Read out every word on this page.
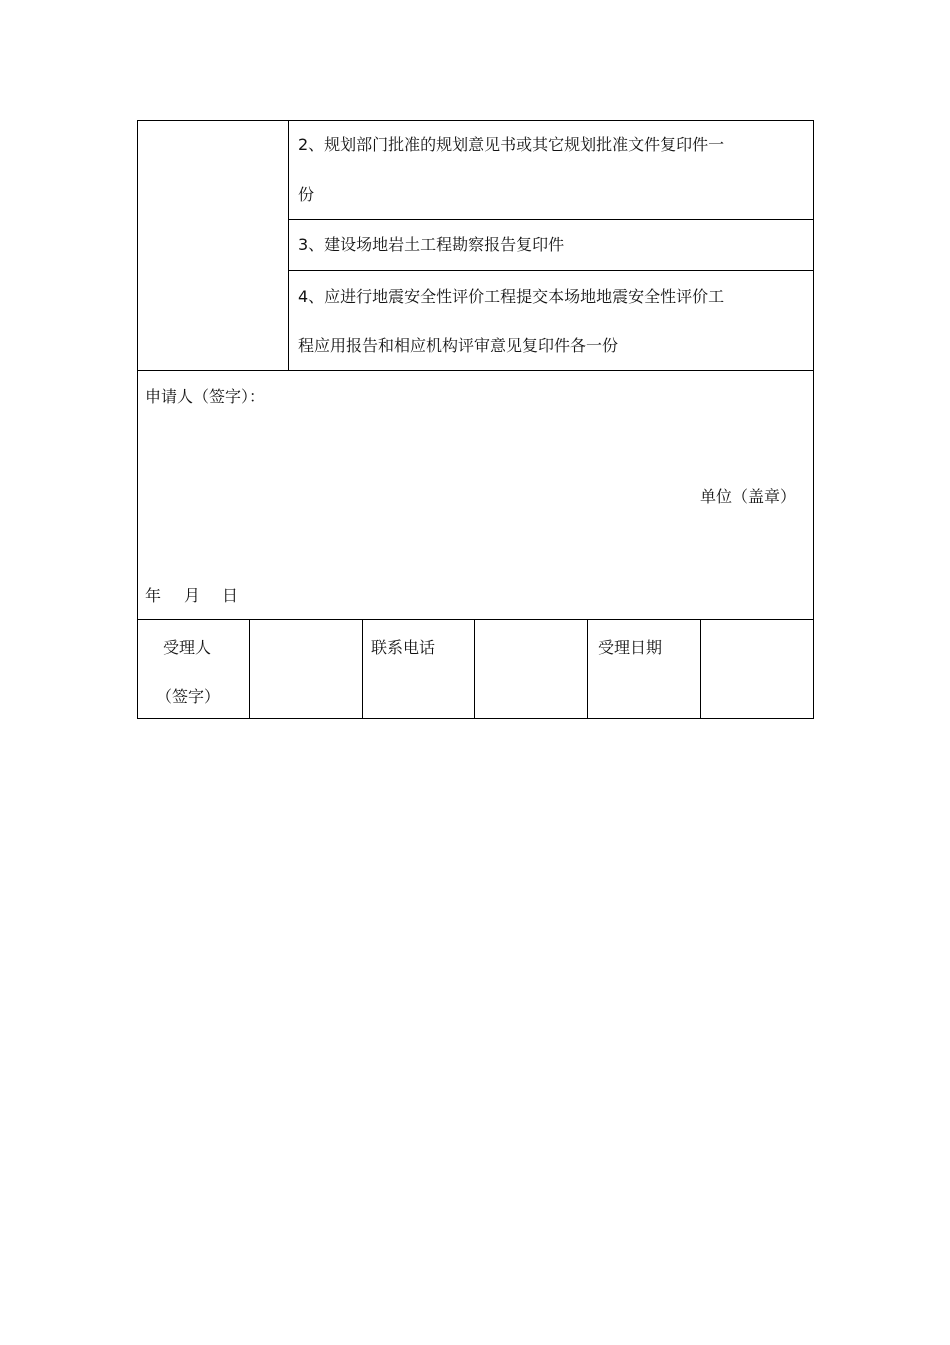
2、规划部门批准的规划意见书或其它规划批准文件复印件一
份
3、建设场地岩土工程勘察报告复印件
4、应进行地震安全性评价工程提交本场地地震安全性评价工
程应用报告和相应机构评审意见复印件各一份
申请人（签字）：
单位（盖章）
年 月 日
受理人
（签字）
联系电话	受理日期
